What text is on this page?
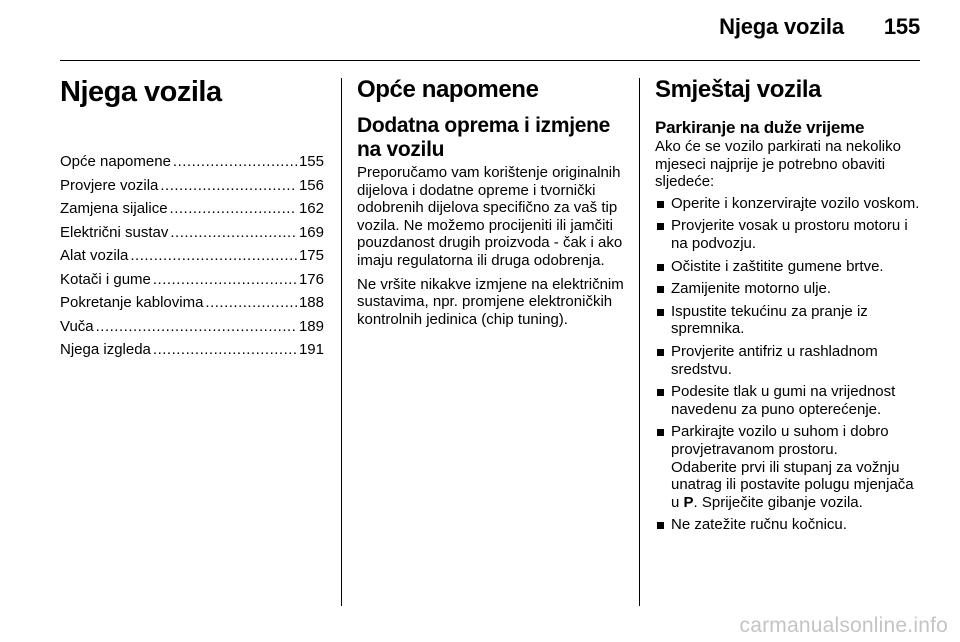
Njega vozila 155
Njega vozila
Opće napomene .....	155
Provjere vozila .....	156
Zamjena sijalice .....	162
Električni sustav .....	169
Alat vozila .....	175
Kotači i gume .....	176
Pokretanje kablovima .....	188
Vuča .....	189
Njega izgleda .....	191
Opće napomene
Dodatna oprema i izmjene na vozilu

Preporučamo vam korištenje originalnih dijelova i dodatne opreme i tvornički odobrenih dijelova specifično za vaš tip vozila. Ne možemo procijeniti ili jamčiti pouzdanost drugih proizvoda - čak i ako imaju regulatorna ili druga odobrenja.

Ne vršite nikakve izmjene na električnim sustavima, npr. promjene elektroničkih kontrolnih jedinica (chip tuning).

Smještaj vozila
Parkiranje na duže vrijeme

Ako će se vozilo parkirati na nekoliko mjeseci najprije je potrebno obaviti sljedeće:

Operite i konzervirajte vozilo voskom.
Provjerite vosak u prostoru motoru i na podvozju.
Očistite i zaštitite gumene brtve.
Zamijenite motorno ulje.
Ispustite tekućinu za pranje iz spremnika.
Provjerite antifriz u rashladnom sredstvu.
Podesite tlak u gumi na vrijednost navedenu za puno opterećenje.
Parkirajte vozilo u suhom i dobro provjetravanom prostoru.
Odaberite prvi ili stupanj za vožnju unatrag ili postavite polugu mjenjača u P. Spriječite gibanje vozila.
Ne zatežite ručnu kočnicu.
carmanualsonline.info
